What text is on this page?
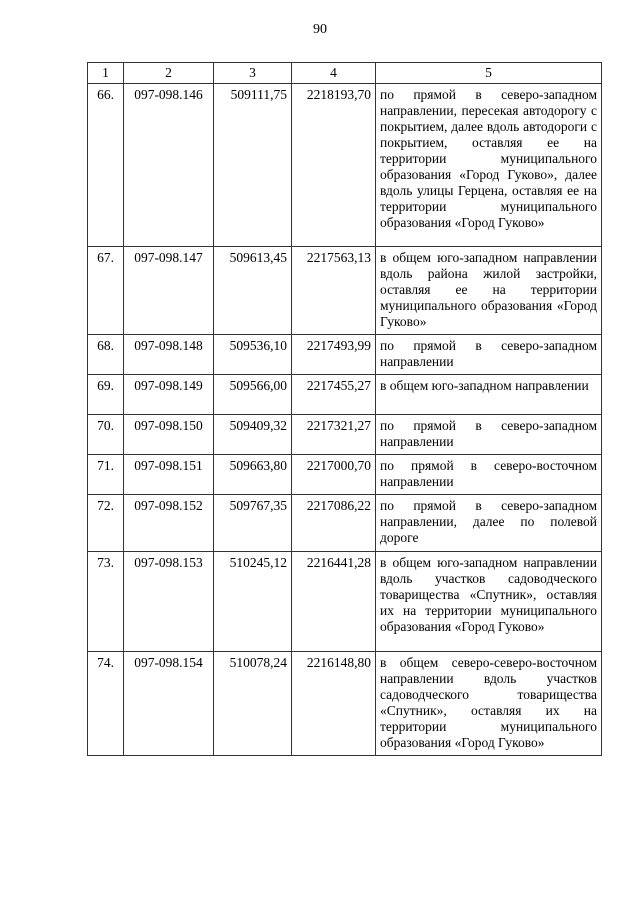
90
1	2	3	4	5
66.	097-098.146	509111,75	2218193,70	по прямой в северо-западном направлении, пересекая автодорогу с покрытием, далее вдоль автодороги с покрытием, оставляя ее на территории муниципального образования «Город Гуково», далее вдоль улицы Герцена, оставляя ее на территории муниципального образования «Город Гуково»
67.	097-098.147	509613,45	2217563,13	в общем юго-западном направлении вдоль района жилой застройки, оставляя ее на территории муниципального образования «Город Гуково»
68.	097-098.148	509536,10	2217493,99	по прямой в северо-западном направлении
69.	097-098.149	509566,00	2217455,27	в общем юго-западном направлении
70.	097-098.150	509409,32	2217321,27	по прямой в северо-западном направлении
71.	097-098.151	509663,80	2217000,70	по прямой в северо-восточном направлении
72.	097-098.152	509767,35	2217086,22	по прямой в северо-западном направлении, далее по полевой дороге
73.	097-098.153	510245,12	2216441,28	в общем юго-западном направлении вдоль участков садоводческого товарищества «Спутник», оставляя их на территории муниципального образования «Город Гуково»
74.	097-098.154	510078,24	2216148,80	в общем северо-северо-восточном направлении вдоль участков садоводческого товарищества «Спутник», оставляя их на территории муниципального образования «Город Гуково»
